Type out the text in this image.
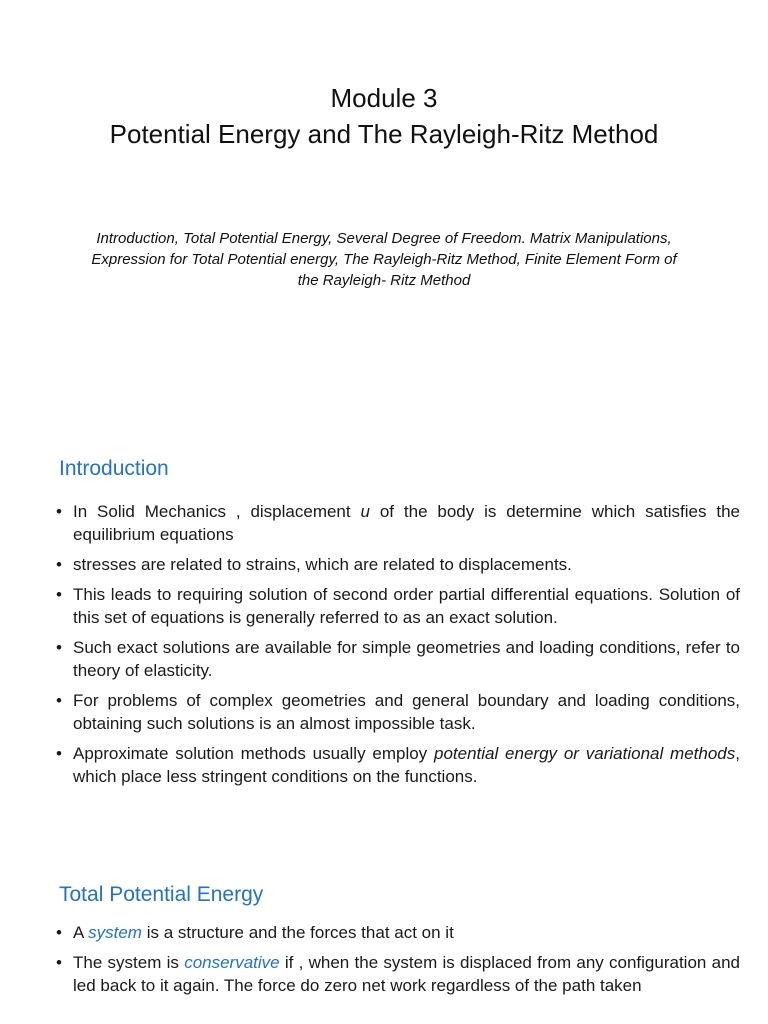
Module 3
Potential Energy and The Rayleigh-Ritz Method
Introduction, Total Potential Energy, Several Degree of Freedom. Matrix Manipulations, Expression for Total Potential energy, The Rayleigh-Ritz Method, Finite Element Form of the Rayleigh- Ritz Method
Introduction
• In Solid Mechanics , displacement u of the body is determine which satisfies the equilibrium equations
• stresses are related to strains, which are related to displacements.
• This leads to requiring solution of second order partial differential equations. Solution of this set of equations is generally referred to as an exact solution.
• Such exact solutions are available for simple geometries and loading conditions, refer to theory of elasticity.
• For problems of complex geometries and general boundary and loading conditions, obtaining such solutions is an almost impossible task.
• Approximate solution methods usually employ potential energy or variational methods, which place less stringent conditions on the functions.
Total Potential Energy
• A system is a structure and the forces that act on it
• The system is conservative if , when the system is displaced from any configuration and led back to it again. The force do zero net work regardless of the path taken
